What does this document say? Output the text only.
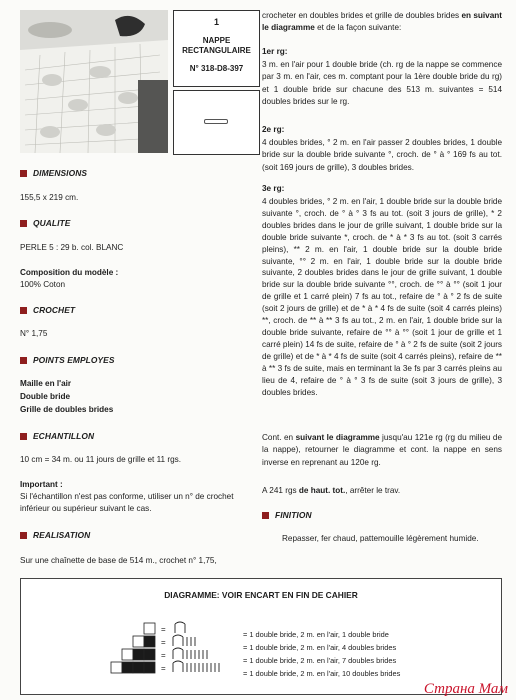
1
NAPPE RECTANGULAIRE
N° 318-D8-397
DIMENSIONS
155,5 x 219 cm.
QUALITE
PERLE 5 : 29 b. col. BLANC
Composition du modèle :
100% Coton
CROCHET
N° 1,75
POINTS EMPLOYES
Maille en l'air
Double bride
Grille de doubles brides
ECHANTILLON
10 cm = 34 m. ou 11 jours de grille et 11 rgs.
Important :
Si l'échantillon n'est pas conforme, utiliser un n° de crochet inférieur ou supérieur suivant le cas.
REALISATION
Sur une chaînette de base de 514 m., crochet n° 1,75,
crocheter en doubles brides et grille de doubles brides en suivant le diagramme et de la façon suivante:
1er rg:
3 m. en l'air pour 1 double bride (ch. rg de la nappe se commence par 3 m. en l'air, ces m. comptant pour la 1ère double bride du rg) et 1 double bride sur chacune des 513 m. suivantes = 514 doubles brides sur le rg.
2e rg:
4 doubles brides, ° 2 m. en l'air passer 2 doubles brides, 1 double bride sur la double bride suivante °, croch. de ° à ° 169 fs au tot. (soit 169 jours de grille), 3 doubles brides.
3e rg:
4 doubles brides, ° 2 m. en l'air, 1 double bride sur la double bride suivante °, croch. de ° à ° 3 fs au tot. (soit 3 jours de grille), * 2 doubles brides dans le jour de grille suivant, 1 double bride sur la double bride suivante *, croch. de * à * 3 fs au tot. (soit 3 carrés pleins), ** 2 m. en l'air, 1 double bride sur la double bride suivante, °° 2 m. en l'air, 1 double bride sur la double bride suivante, 2 doubles brides dans le jour de grille suivant, 1 double bride sur la double bride suivante °°, croch. de °° à °° (soit 1 jour de grille et 1 carré plein) 7 fs au tot., refaire de ° à ° 2 fs de suite (soit 2 jours de grille) et de * à * 4 fs de suite (soit 4 carrés pleins) **, croch. de ** à ** 3 fs au tot., 2 m. en l'air, 1 double bride sur la double bride suivante, refaire de °° à °° (soit 1 jour de grille et 1 carré plein) 14 fs de suite, refaire de ° à ° 2 fs de suite (soit 2 jours de grille) et de * à * 4 fs de suite (soit 4 carrés pleins), refaire de ** à ** 3 fs de suite, mais en terminant la 3e fs par 3 carrés pleins au lieu de 4, refaire de ° à ° 3 fs de suite (soit 3 jours de grille), 3 doubles brides.
Cont. en suivant le diagramme jusqu'au 121e rg (rg du milieu de la nappe), retourner le diagramme et cont. la nappe en sens inverse en reprenant au 120e rg.
A 241 rgs de haut. tot., arrêter le trav.
FINITION
Repasser, fer chaud, pattemouille légèrement humide.
DIAGRAMME: VOIR ENCART EN FIN DE CAHIER
=
=
=
=
= 1 double bride, 2 m. en l'air, 1 double bride
= 1 double bride, 2 m. en l'air, 4 doubles brides
= 1 double bride, 2 m. en l'air, 7 doubles brides
= 1 double bride, 2 m. en l'air, 10 doubles brides
Страна Мам
